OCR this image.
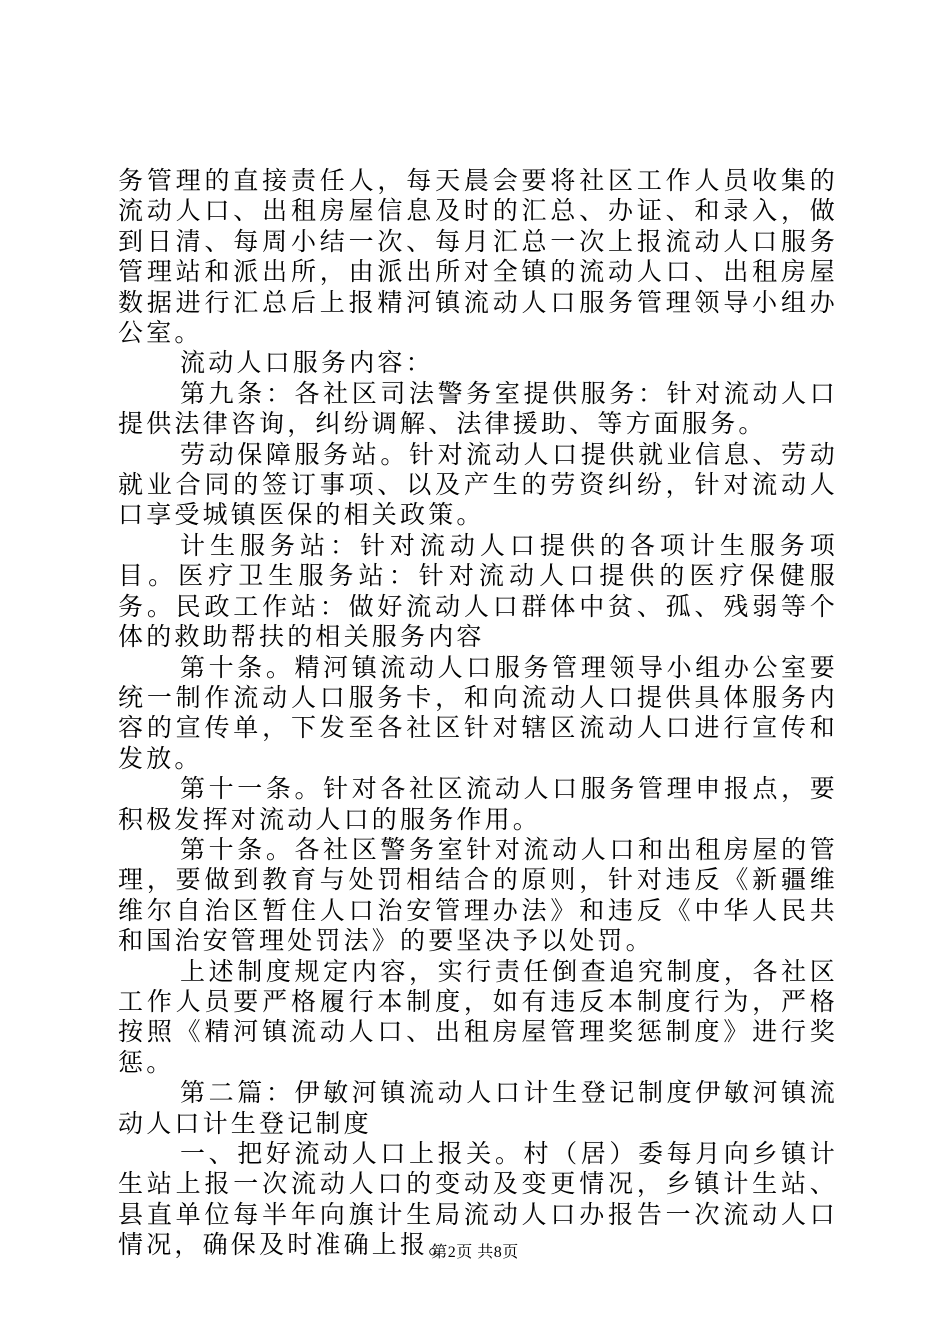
务管理的直接责任人，每天晨会要将社区工作人员收集的流动人口、出租房屋信息及时的汇总、办证、和录入，做到日清、每周小结一次、每月汇总一次上报流动人口服务管理站和派出所，由派出所对全镇的流动人口、出租房屋数据进行汇总后上报精河镇流动人口服务管理领导小组办公室。

流动人口服务内容：

第九条：各社区司法警务室提供服务：针对流动人口提供法律咨询，纠纷调解、法律援助、等方面服务。

劳动保障服务站。针对流动人口提供就业信息、劳动就业合同的签订事项、以及产生的劳资纠纷，针对流动人口享受城镇医保的相关政策。

计生服务站：针对流动人口提供的各项计生服务项目。医疗卫生服务站：针对流动人口提供的医疗保健服务。民政工作站：做好流动人口群体中贫、孤、残弱等个体的救助帮扶的相关服务内容

第十条。精河镇流动人口服务管理领导小组办公室要统一制作流动人口服务卡，和向流动人口提供具体服务内容的宣传单，下发至各社区针对辖区流动人口进行宣传和发放。

第十一条。针对各社区流动人口服务管理申报点，要积极发挥对流动人口的服务作用。

第十条。各社区警务室针对流动人口和出租房屋的管理，要做到教育与处罚相结合的原则，针对违反《新疆维维尔自治区暂住人口治安管理办法》和违反《中华人民共和国治安管理处罚法》的要坚决予以处罚。

上述制度规定内容，实行责任倒查追究制度，各社区工作人员要严格履行本制度，如有违反本制度行为，严格按照《精河镇流动人口、出租房屋管理奖惩制度》进行奖惩。

第二篇：伊敏河镇流动人口计生登记制度伊敏河镇流动人口计生登记制度

一、把好流动人口上报关。村（居）委每月向乡镇计生站上报一次流动人口的变动及变更情况，乡镇计生站、县直单位每半年向旗计生局流动人口办报告一次流动人口情况，确保及时准确上报。

第2页 共8页
